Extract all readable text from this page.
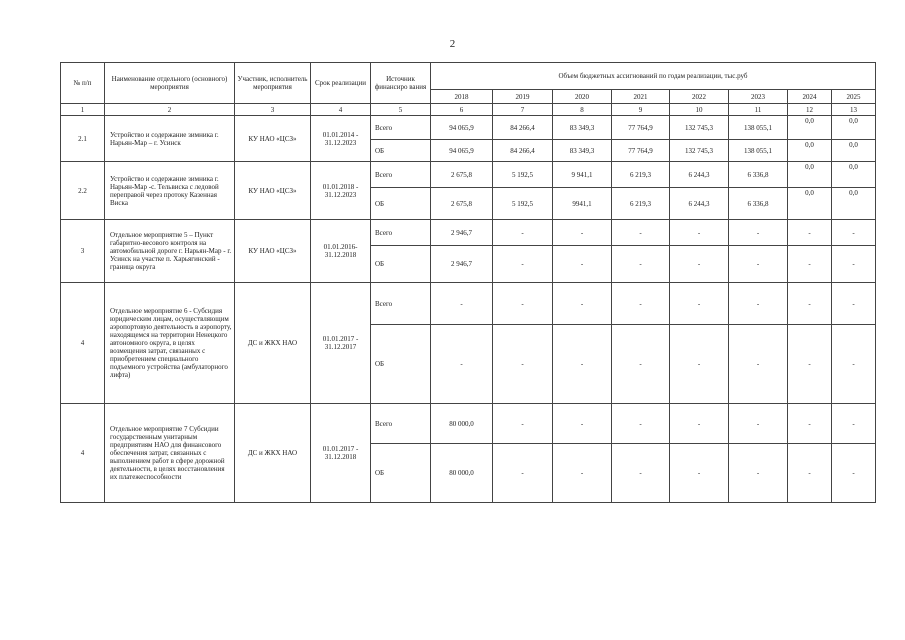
2
№ п/п	Наименование отдельного (основного) мероприятия	Участник, исполнитель мероприятия	Срок реализации	Источник финансиро вания	Объем бюджетных ассигнований по годам реализации, тыс.руб							
					2018	2019	2020	2021	2022	2023	2024	2025
1	2	3	4	5	6	7	8	9	10	11	12	13
2.1	Устройство и содержание зимника г. Нарьян-Мар – г. Усинск	КУ НАО «ЦСЗ»	01.01.2014 - 31.12.2023	Всего	94 065,9	84 266,4	83 349,3	77 764,9	132 745,3	138 055,1	0,0	0,0
				ОБ	94 065,9	84 266,4	83 349,3	77 764,9	132 745,3	138 055,1	0,0	0,0
2.2	Устройство и содержание зимника г. Нарьян-Мар -с. Тельвиска с ледовой переправой через протоку Казенная Виска	КУ НАО «ЦСЗ»	01.01.2018 - 31.12.2023	Всего	2 675,8	5 192,5	9 941,1	6 219,3	6 244,3	6 336,8	0,0	0,0
				ОБ	2 675,8	5 192,5	9941,1	6 219,3	6 244,3	6 336,8	0,0	0,0
3	Отдельное мероприятие 5 – Пункт габаритно-весового контроля на автомобильной дороге г. Нарьян-Мар - г. Усинск на участке п. Харьягинский - граница округа	КУ НАО «ЦСЗ»	01.01.2016- 31.12.2018	Всего	2 946,7	-	-	-	-	-	-	-
				ОБ	2 946,7	-	-	-	-	-	-	-
4	Отдельное мероприятие 6 - Субсидия юридическим лицам, осуществляющим аэропортовую деятельность в аэропорту, находящемся на территории Ненецкого автономного округа, в целях возмещения затрат, связанных с приобретением специального подъемного устройства (амбулаторного лифта)	ДС и ЖКХ НАО	01.01.2017 - 31.12.2017	Всего	-	-	-	-	-	-	-	-
				ОБ	-	-	-	-	-	-	-	-
4	Отдельное мероприятие 7 Субсидии государственным унитарным предприятиям НАО для финансового обеспечения затрат, связанных с выполнением работ в сфере дорожной деятельности, в целях восстановления их платежеспособности	ДС и ЖКХ НАО	01.01.2017 - 31.12.2018	Всего	80 000,0	-	-	-	-	-	-	-
				ОБ	80 000,0	-	-	-	-	-	-	-
